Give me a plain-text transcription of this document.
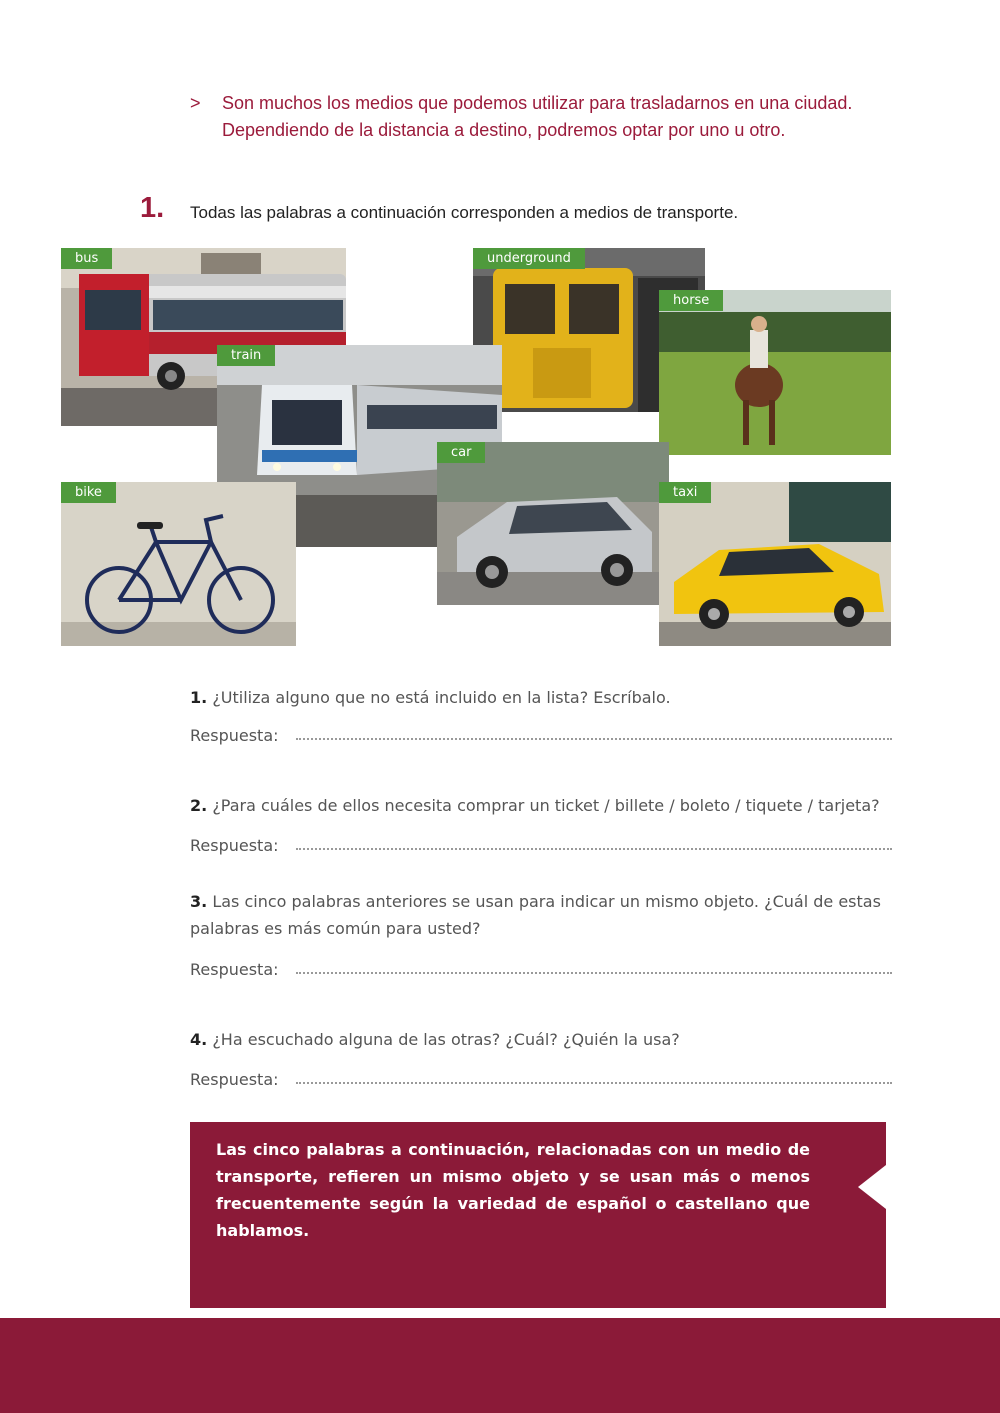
> Son muchos los medios que podemos utilizar para trasladarnos en una ciudad.
Dependiendo de la distancia a destino, podremos optar por uno u otro.
1. Todas las palabras a continuación corresponden a medios de transporte.
bus	underground
horse
train
car
bike	taxi
1. ¿Utiliza alguno que no está incluido en la lista? Escríbalo.
Respuesta:
2. ¿Para cuáles de ellos necesita comprar un ticket / billete / boleto / tiquete / tarjeta?
Respuesta:
3. Las cinco palabras anteriores se usan para indicar un mismo objeto. ¿Cuál de estas palabras es más común para usted?
Respuesta:
4. ¿Ha escuchado alguna de las otras? ¿Cuál? ¿Quién la usa?
Respuesta:

Las cinco palabras a continuación, relacionadas con un medio de transporte, refieren un mismo objeto y se usan más o menos frecuentemente según la variedad de español o castellano que hablamos.
